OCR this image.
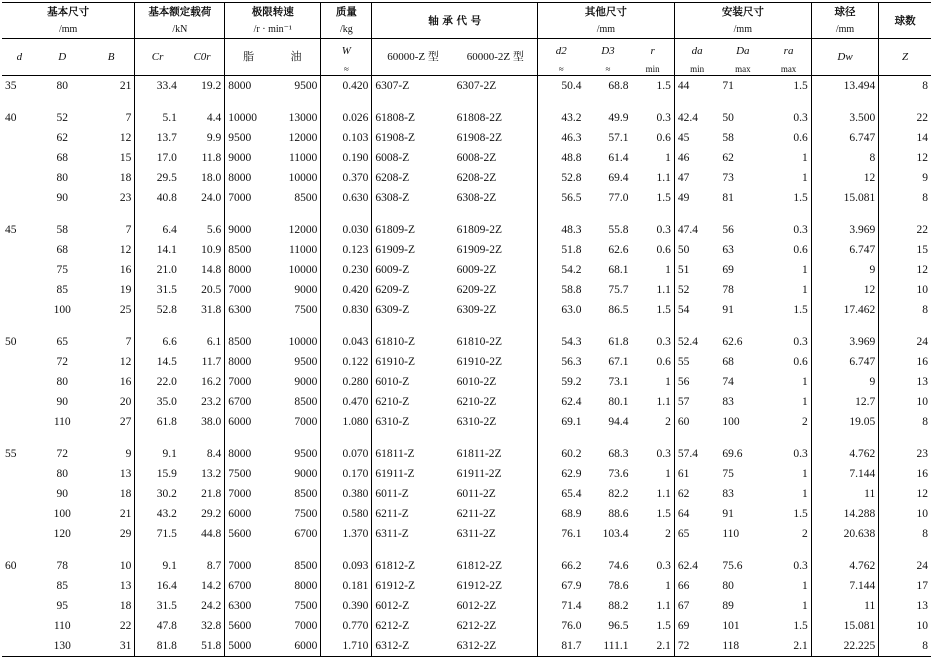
基本尺寸			基本额定载荷		极限转速		质量	轴 承 代 号		其他尺寸			安装尺寸			球径	球数
/mm			/kN		/r · min⁻¹		/kg			/mm			/mm			/mm	
d	D	B	Cr	C0r	脂	油	W	60000-Z 型	60000-2Z 型	d2	D3	r	da	Da	ra	Dw	Z
							≈			≈	≈	min	min	max	max		
35	80	21	33.4	19.2	8000	9500	0.420	6307-Z	6307-2Z	50.4	68.8	1.5	44	71	1.5	13.494	8

40	52	7	5.1	4.4	10000	13000	0.026	61808-Z	61808-2Z	43.2	49.9	0.3	42.4	50	0.3	3.500	22
	62	12	13.7	9.9	9500	12000	0.103	61908-Z	61908-2Z	46.3	57.1	0.6	45	58	0.6	6.747	14
	68	15	17.0	11.8	9000	11000	0.190	6008-Z	6008-2Z	48.8	61.4	1	46	62	1	8	12
	80	18	29.5	18.0	8000	10000	0.370	6208-Z	6208-2Z	52.8	69.4	1.1	47	73	1	12	9
	90	23	40.8	24.0	7000	8500	0.630	6308-Z	6308-2Z	56.5	77.0	1.5	49	81	1.5	15.081	8

45	58	7	6.4	5.6	9000	12000	0.030	61809-Z	61809-2Z	48.3	55.8	0.3	47.4	56	0.3	3.969	22
	68	12	14.1	10.9	8500	11000	0.123	61909-Z	61909-2Z	51.8	62.6	0.6	50	63	0.6	6.747	15
	75	16	21.0	14.8	8000	10000	0.230	6009-Z	6009-2Z	54.2	68.1	1	51	69	1	9	12
	85	19	31.5	20.5	7000	9000	0.420	6209-Z	6209-2Z	58.8	75.7	1.1	52	78	1	12	10
	100	25	52.8	31.8	6300	7500	0.830	6309-Z	6309-2Z	63.0	86.5	1.5	54	91	1.5	17.462	8

50	65	7	6.6	6.1	8500	10000	0.043	61810-Z	61810-2Z	54.3	61.8	0.3	52.4	62.6	0.3	3.969	24
	72	12	14.5	11.7	8000	9500	0.122	61910-Z	61910-2Z	56.3	67.1	0.6	55	68	0.6	6.747	16
	80	16	22.0	16.2	7000	9000	0.280	6010-Z	6010-2Z	59.2	73.1	1	56	74	1	9	13
	90	20	35.0	23.2	6700	8500	0.470	6210-Z	6210-2Z	62.4	80.1	1.1	57	83	1	12.7	10
	110	27	61.8	38.0	6000	7000	1.080	6310-Z	6310-2Z	69.1	94.4	2	60	100	2	19.05	8

55	72	9	9.1	8.4	8000	9500	0.070	61811-Z	61811-2Z	60.2	68.3	0.3	57.4	69.6	0.3	4.762	23
	80	13	15.9	13.2	7500	9000	0.170	61911-Z	61911-2Z	62.9	73.6	1	61	75	1	7.144	16
	90	18	30.2	21.8	7000	8500	0.380	6011-Z	6011-2Z	65.4	82.2	1.1	62	83	1	11	12
	100	21	43.2	29.2	6000	7500	0.580	6211-Z	6211-2Z	68.9	88.6	1.5	64	91	1.5	14.288	10
	120	29	71.5	44.8	5600	6700	1.370	6311-Z	6311-2Z	76.1	103.4	2	65	110	2	20.638	8

60	78	10	9.1	8.7	7000	8500	0.093	61812-Z	61812-2Z	66.2	74.6	0.3	62.4	75.6	0.3	4.762	24
	85	13	16.4	14.2	6700	8000	0.181	61912-Z	61912-2Z	67.9	78.6	1	66	80	1	7.144	17
	95	18	31.5	24.2	6300	7500	0.390	6012-Z	6012-2Z	71.4	88.2	1.1	67	89	1	11	13
	110	22	47.8	32.8	5600	7000	0.770	6212-Z	6212-2Z	76.0	96.5	1.5	69	101	1.5	15.081	10
	130	31	81.8	51.8	5000	6000	1.710	6312-Z	6312-2Z	81.7	111.1	2.1	72	118	2.1	22.225	8
